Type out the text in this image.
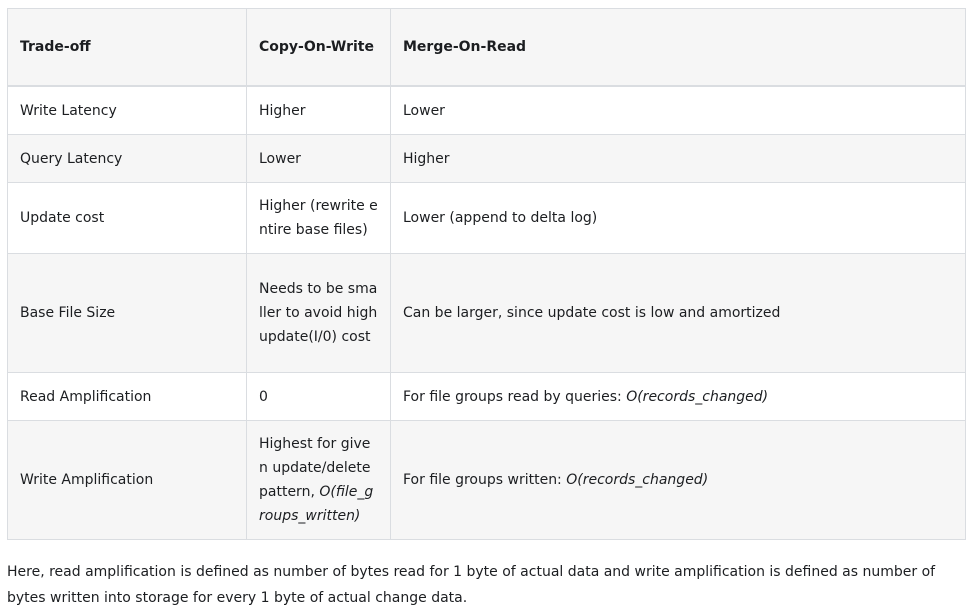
Trade-off	Copy-On-Write	Merge-On-Read
Write Latency	Higher	Lower
Query Latency	Lower	Higher
Update cost	Higher (rewrite entire base files)	Lower (append to delta log)
Base File Size	Needs to be smaller to avoid high update(I/0) cost	Can be larger, since update cost is low and amortized
Read Amplification	0	For file groups read by queries: O(records_changed)
Write Amplification	Highest for given update/delete pattern, O(file_groups_written)	For file groups written: O(records_changed)

Here, read amplification is defined as number of bytes read for 1 byte of actual data and write amplification is defined as number of bytes written into storage for every 1 byte of actual change data.
